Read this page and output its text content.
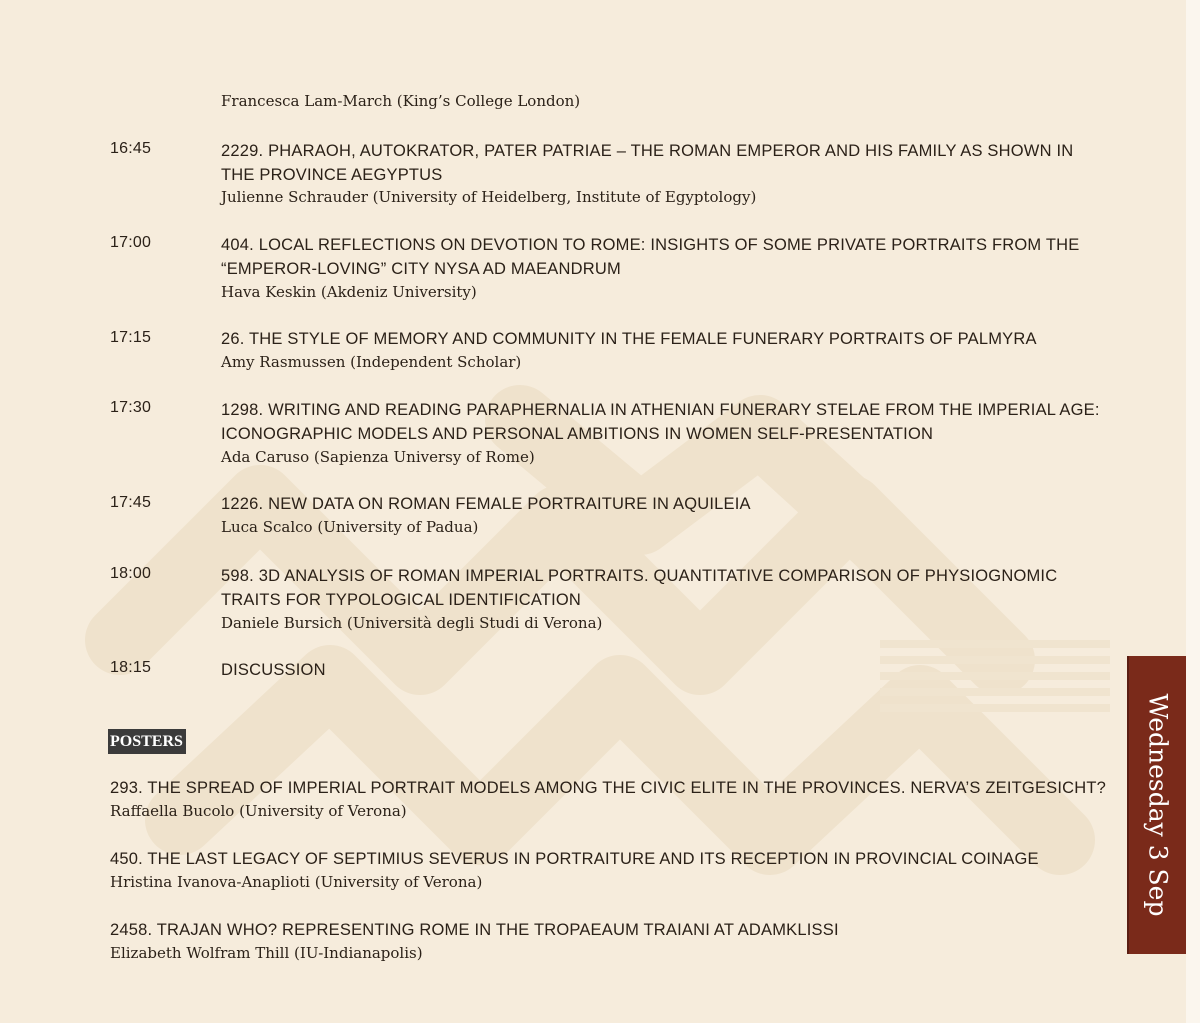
Francesca Lam-March (King’s College London)
16:45	2229. PHARAOH, AUTOKRATOR, PATER PATRIAE – THE ROMAN EMPEROR AND HIS FAMILY AS SHOWN IN THE PROVINCE AEGYPTUS
Julienne Schrauder (University of Heidelberg, Institute of Egyptology)
17:00	404. LOCAL REFLECTIONS ON DEVOTION TO ROME: INSIGHTS OF SOME PRIVATE PORTRAITS FROM THE “EMPEROR-LOVING” CITY NYSA AD MAEANDRUM
Hava Keskin (Akdeniz University)
17:15	26. THE STYLE OF MEMORY AND COMMUNITY IN THE FEMALE FUNERARY PORTRAITS OF PALMYRA
Amy Rasmussen (Independent Scholar)
17:30	1298. WRITING AND READING PARAPHERNALIA IN ATHENIAN FUNERARY STELAE FROM THE IMPERIAL AGE: ICONOGRAPHIC MODELS AND PERSONAL AMBITIONS IN WOMEN SELF-PRESENTATION
Ada Caruso (Sapienza Universy of Rome)
17:45	1226. NEW DATA ON ROMAN FEMALE PORTRAITURE IN AQUILEIA
Luca Scalco (University of Padua)
18:00	598. 3D ANALYSIS OF ROMAN IMPERIAL PORTRAITS. QUANTITATIVE COMPARISON OF PHYSIOGNOMIC TRAITS FOR TYPOLOGICAL IDENTIFICATION
Daniele Bursich (Università degli Studi di Verona)
18:15	DISCUSSION
POSTERS
293. THE SPREAD OF IMPERIAL PORTRAIT MODELS AMONG THE CIVIC ELITE IN THE PROVINCES. NERVA’S ZEITGESICHT?
Raffaella Bucolo (University of Verona)
450. THE LAST LEGACY OF SEPTIMIUS SEVERUS IN PORTRAITURE AND ITS RECEPTION IN PROVINCIAL COINAGE
Hristina Ivanova-Anaplioti (University of Verona)
2458. TRAJAN WHO? REPRESENTING ROME IN THE TROPAEAUM TRAIANI AT ADAMKLISSI
Elizabeth Wolfram Thill (IU-Indianapolis)
Wednesday 3 Sep
